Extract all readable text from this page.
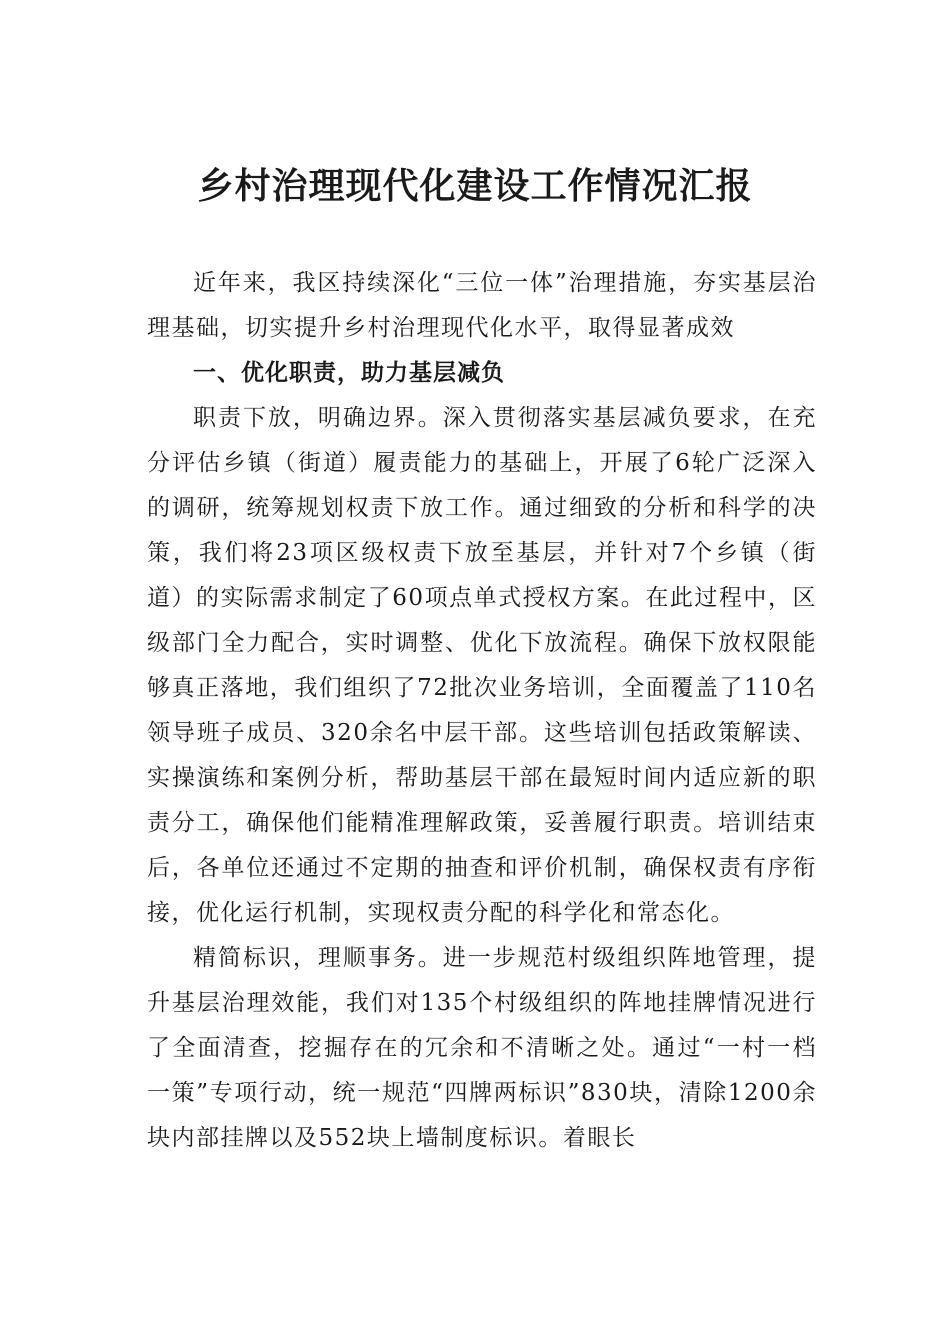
乡村治理现代化建设工作情况汇报

近年来，我区持续深化“三位一体”治理措施，夯实基层治理基础，切实提升乡村治理现代化水平，取得显著成效

一、优化职责，助力基层减负

职责下放，明确边界。深入贯彻落实基层减负要求，在充分评估乡镇（街道）履责能力的基础上，开展了6轮广泛深入的调研，统筹规划权责下放工作。通过细致的分析和科学的决策，我们将23项区级权责下放至基层，并针对7个乡镇（街道）的实际需求制定了60项点单式授权方案。在此过程中，区级部门全力配合，实时调整、优化下放流程。确保下放权限能够真正落地，我们组织了72批次业务培训，全面覆盖了110名领导班子成员、320余名中层干部。这些培训包括政策解读、实操演练和案例分析，帮助基层干部在最短时间内适应新的职责分工，确保他们能精准理解政策，妥善履行职责。培训结束后，各单位还通过不定期的抽查和评价机制，确保权责有序衔接，优化运行机制，实现权责分配的科学化和常态化。

精简标识，理顺事务。进一步规范村级组织阵地管理，提升基层治理效能，我们对135个村级组织的阵地挂牌情况进行了全面清查，挖掘存在的冗余和不清晰之处。通过“一村一档一策”专项行动，统一规范“四牌两标识”830块，清除1200余块内部挂牌以及552块上墙制度标识。着眼长
